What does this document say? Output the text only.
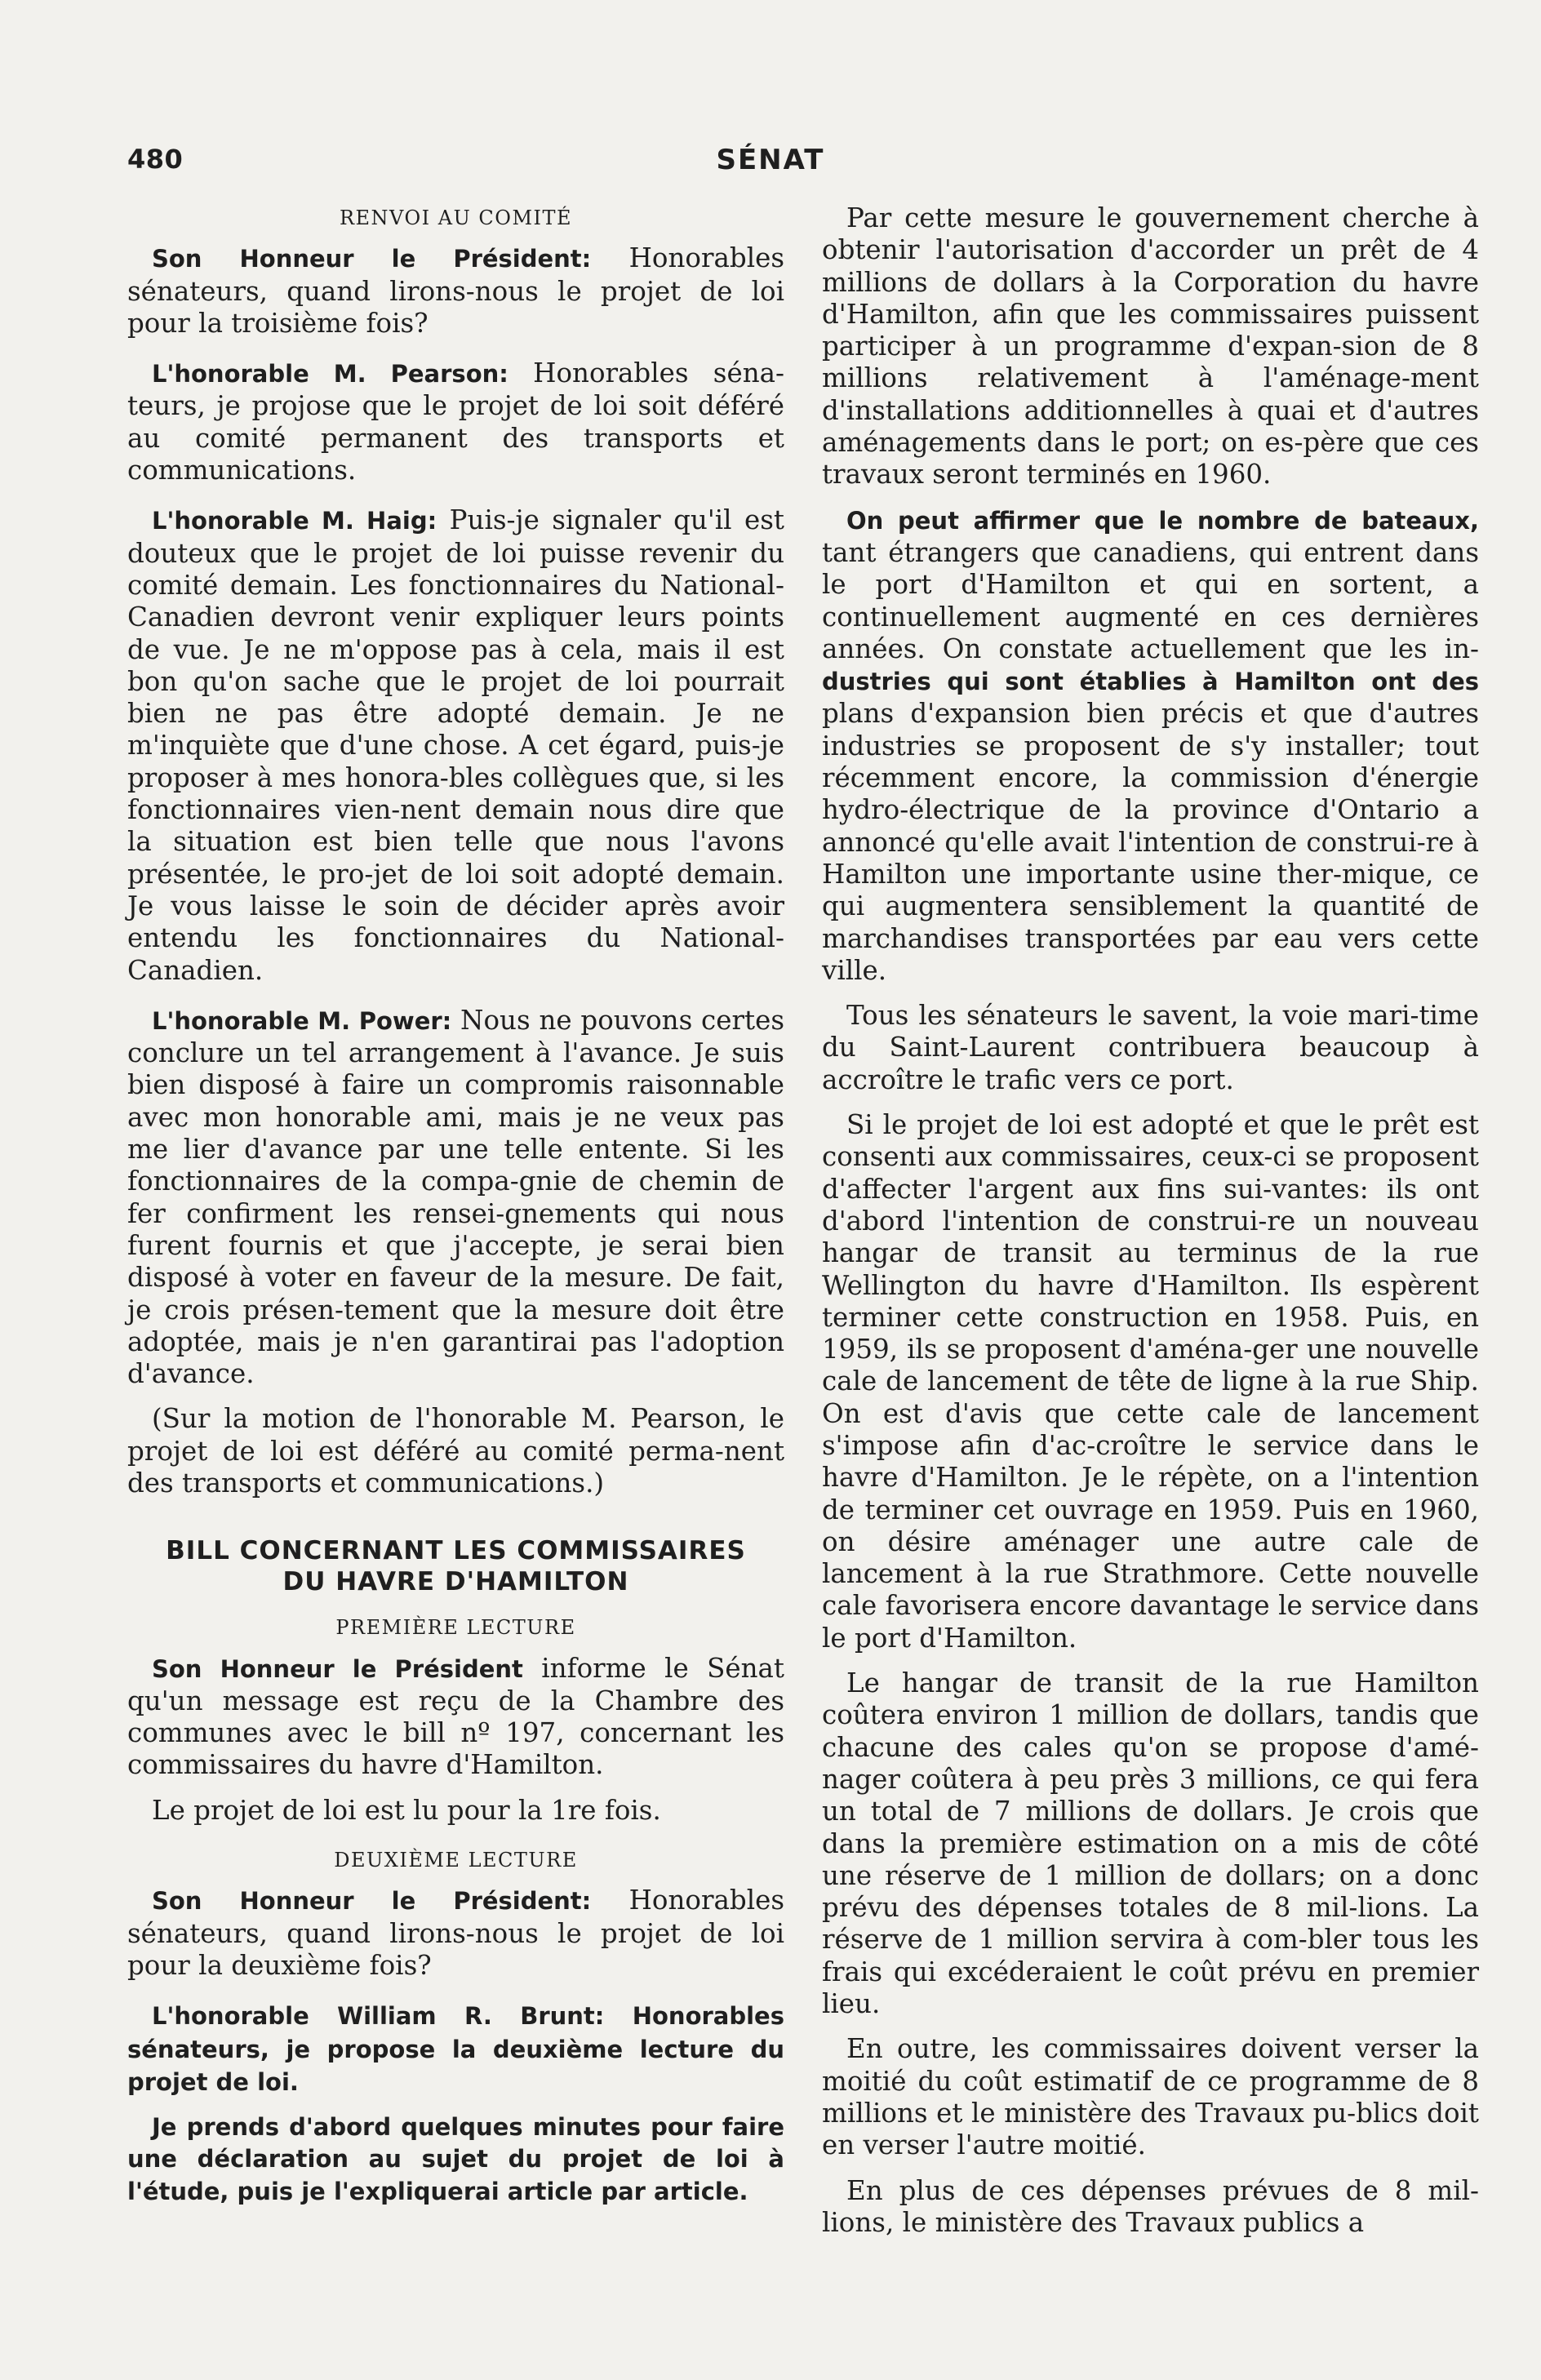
480	SÉNAT
RENVOI AU COMITÉ

Son Honneur le Président: Honorables sénateurs, quand lirons-nous le projet de loi pour la troisième fois?

L'honorable M. Pearson: Honorables séna-teurs, je projose que le projet de loi soit déféré au comité permanent des transports et communications.

L'honorable M. Haig: Puis-je signaler qu'il est douteux que le projet de loi puisse revenir du comité demain. Les fonctionnaires du National-Canadien devront venir expliquer leurs points de vue. Je ne m'oppose pas à cela, mais il est bon qu'on sache que le projet de loi pourrait bien ne pas être adopté demain. Je ne m'inquiète que d'une chose. A cet égard, puis-je proposer à mes honora-bles collègues que, si les fonctionnaires vien-nent demain nous dire que la situation est bien telle que nous l'avons présentée, le pro-jet de loi soit adopté demain. Je vous laisse le soin de décider après avoir entendu les fonctionnaires du National-Canadien.

L'honorable M. Power: Nous ne pouvons certes conclure un tel arrangement à l'avance. Je suis bien disposé à faire un compromis raisonnable avec mon honorable ami, mais je ne veux pas me lier d'avance par une telle entente. Si les fonctionnaires de la compa-gnie de chemin de fer confirment les rensei-gnements qui nous furent fournis et que j'accepte, je serai bien disposé à voter en faveur de la mesure. De fait, je crois présen-tement que la mesure doit être adoptée, mais je n'en garantirai pas l'adoption d'avance.

(Sur la motion de l'honorable M. Pearson, le projet de loi est déféré au comité perma-nent des transports et communications.)

BILL CONCERNANT LES COMMISSAIRES
DU HAVRE D'HAMILTON
PREMIÈRE LECTURE

Son Honneur le Président informe le Sénat qu'un message est reçu de la Chambre des communes avec le bill nº 197, concernant les commissaires du havre d'Hamilton.

Le projet de loi est lu pour la 1re fois.

DEUXIÈME LECTURE

Son Honneur le Président: Honorables sénateurs, quand lirons-nous le projet de loi pour la deuxième fois?

L'honorable William R. Brunt: Honorables sénateurs, je propose la deuxième lecture du projet de loi.

Je prends d'abord quelques minutes pour faire une déclaration au sujet du projet de loi à l'étude, puis je l'expliquerai article par article.

Par cette mesure le gouvernement cherche à obtenir l'autorisation d'accorder un prêt de 4 millions de dollars à la Corporation du havre d'Hamilton, afin que les commissaires puissent participer à un programme d'expan-sion de 8 millions relativement à l'aménage-ment d'installations additionnelles à quai et d'autres aménagements dans le port; on es-père que ces travaux seront terminés en 1960.

On peut affirmer que le nombre de bateaux, tant étrangers que canadiens, qui entrent dans le port d'Hamilton et qui en sortent, a continuellement augmenté en ces dernières années. On constate actuellement que les in-dustries qui sont établies à Hamilton ont des plans d'expansion bien précis et que d'autres industries se proposent de s'y installer; tout récemment encore, la commission d'énergie hydro-électrique de la province d'Ontario a annoncé qu'elle avait l'intention de construi-re à Hamilton une importante usine ther-mique, ce qui augmentera sensiblement la quantité de marchandises transportées par eau vers cette ville.

Tous les sénateurs le savent, la voie mari-time du Saint-Laurent contribuera beaucoup à accroître le trafic vers ce port.

Si le projet de loi est adopté et que le prêt est consenti aux commissaires, ceux-ci se proposent d'affecter l'argent aux fins sui-vantes: ils ont d'abord l'intention de construi-re un nouveau hangar de transit au terminus de la rue Wellington du havre d'Hamilton. Ils espèrent terminer cette construction en 1958. Puis, en 1959, ils se proposent d'aména-ger une nouvelle cale de lancement de tête de ligne à la rue Ship. On est d'avis que cette cale de lancement s'impose afin d'ac-croître le service dans le havre d'Hamilton. Je le répète, on a l'intention de terminer cet ouvrage en 1959. Puis en 1960, on désire aménager une autre cale de lancement à la rue Strathmore. Cette nouvelle cale favorisera encore davantage le service dans le port d'Hamilton.

Le hangar de transit de la rue Hamilton coûtera environ 1 million de dollars, tandis que chacune des cales qu'on se propose d'amé-nager coûtera à peu près 3 millions, ce qui fera un total de 7 millions de dollars. Je crois que dans la première estimation on a mis de côté une réserve de 1 million de dollars; on a donc prévu des dépenses totales de 8 mil-lions. La réserve de 1 million servira à com-bler tous les frais qui excéderaient le coût prévu en premier lieu.

En outre, les commissaires doivent verser la moitié du coût estimatif de ce programme de 8 millions et le ministère des Travaux pu-blics doit en verser l'autre moitié.

En plus de ces dépenses prévues de 8 mil-lions, le ministère des Travaux publics a
